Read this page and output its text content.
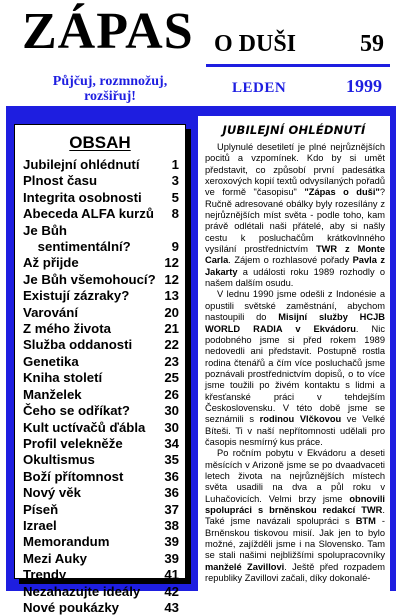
ZÁPAS O DUŠI	59
Půjčuj, rozmnožuj, rozšiřuj!
LEDEN	1999
OBSAH
Jubilejní ohlédnutí 1
Plnost času	3
Integrita osobnosti 5
Abeceda ALFA kurzů 8
Je Bůh
sentimentální?	9
Až přijde	12
Je Bůh všemohoucí? 12
Existují zázraky?	13
Varování	20
Z mého života	21
Služba oddanosti 22
Genetika	23
Kniha století	25
Manželek	26
Čeho se odříkat?	30
Kult uctívačů ďábla 30
Profil velekněže	34
Okultismus	35
Boží přítomnost	36
Nový věk	36
Píseň	37
Izrael	38
Memorandum	39
Mezi Auky	39
Trendy	41
Nezahazujte ideály 42
Nové poukázky	43
JUBILEJNÍ OHLÉDNUTÍ

Uplynulé desetiletí je plné nejrůznějších pocitů a vzpomínek. Kdo by si umět představit, co způsobí první padesátka xeroxových kopií textů odvysílaných pořadů ve formě "časopisu" "Zápas o duši"? Ručně adresované obálky byly rozesílány z nejrůznějších míst světa - podle toho, kam právě odlétali naši přátelé, aby si našly cestu k posluchačům krátkovlnného vysílání prostřednictvím TWR z Monte Carla. Zájem o rozhlasové pořady Pavla z Jakarty a události roku 1989 rozhodly o našem dalším osudu.

V lednu 1990 jsme odešli z Indonésie a opustili světské zaměstnání, abychom nastoupili do Misijní služby HCJB WORLD RADIA v Ekvádoru. Nic podobného jsme si před rokem 1989 nedovedli ani představit. Postupně rostla rodina čtenářů a čím více posluchačů jsme poznávali prostřednictvím dopisů, o to více jsme toužili po živém kontaktu s lidmi a křesťanské práci v tehdejším Československu. V této době jsme se seznámili s rodinou Vlčkovou ve Velké Bíteši. Ti v naší nepřítomnosti udělali pro časopis nesmírný kus práce.

Po ročním pobytu v Ekvádoru a deseti měsících v Arizoně jsme se po dvaadvaceti letech života na nejrůznějších místech světa usadili na dva a půl roku v Luhačovicích. Velmi brzy jsme obnovili spolupráci s brněnskou redakcí TWR. Také jsme navázali spolupráci s BTM - Brněnskou tiskovou misií. Jak jen to bylo možné, zajížděli jsme i na Slovensko. Tam se stali našimi nejbližšími spolupracovníky manželé Zavillovi. Ještě před rozpadem republiky Zavillovi začali, díky dokonalé-
